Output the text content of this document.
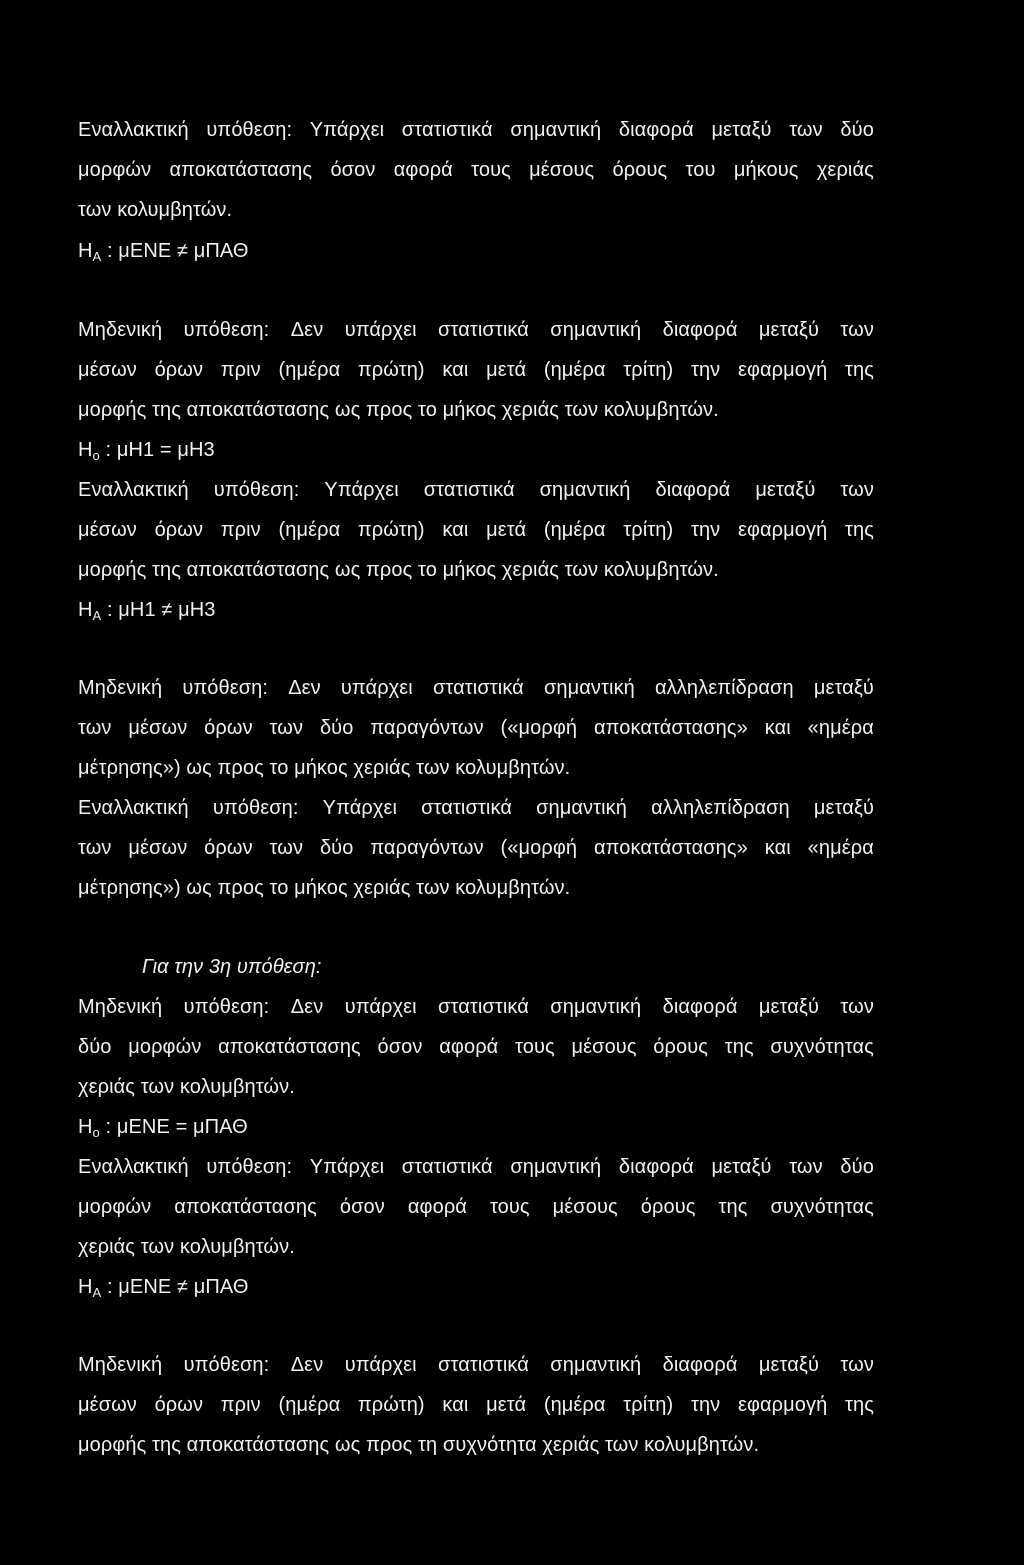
Εναλλακτική υπόθεση: Υπάρχει στατιστικά σημαντική διαφορά μεταξύ των δύο
μορφών αποκατάστασης όσον αφορά τους μέσους όρους του μήκους χεριάς
των κολυμβητών.
$H_A$ : μENE ≠ μΠΑΘ
Μηδενική υπόθεση: Δεν υπάρχει στατιστικά σημαντική διαφορά μεταξύ των
μέσων όρων πριν (ημέρα πρώτη) και μετά (ημέρα τρίτη) την εφαρμογή της
μορφής της αποκατάστασης ως προς το μήκος χεριάς των κολυμβητών.
$H_o$ : μH1 = μH3
Εναλλακτική υπόθεση: Υπάρχει στατιστικά σημαντική διαφορά μεταξύ των
μέσων όρων πριν (ημέρα πρώτη) και μετά (ημέρα τρίτη) την εφαρμογή της
μορφής της αποκατάστασης ως προς το μήκος χεριάς των κολυμβητών.
$H_A$ : μH1 ≠ μH3
Μηδενική υπόθεση: Δεν υπάρχει στατιστικά σημαντική αλληλεπίδραση μεταξύ
των μέσων όρων των δύο παραγόντων («μορφή αποκατάστασης» και «ημέρα
μέτρησης») ως προς το μήκος χεριάς των κολυμβητών.
Εναλλακτική υπόθεση: Υπάρχει στατιστικά σημαντική αλληλεπίδραση μεταξύ
των μέσων όρων των δύο παραγόντων («μορφή αποκατάστασης» και «ημέρα
μέτρησης») ως προς το μήκος χεριάς των κολυμβητών.
Για την 3η υπόθεση:
Μηδενική υπόθεση: Δεν υπάρχει στατιστικά σημαντική διαφορά μεταξύ των
δύο μορφών αποκατάστασης όσον αφορά τους μέσους όρους της συχνότητας
χεριάς των κολυμβητών.
$H_o$ : μENE = μΠΑΘ
Εναλλακτική υπόθεση: Υπάρχει στατιστικά σημαντική διαφορά μεταξύ των δύο
μορφών αποκατάστασης όσον αφορά τους μέσους όρους της συχνότητας
χεριάς των κολυμβητών.
$H_A$ : μENE ≠ μΠΑΘ
Μηδενική υπόθεση: Δεν υπάρχει στατιστικά σημαντική διαφορά μεταξύ των
μέσων όρων πριν (ημέρα πρώτη) και μετά (ημέρα τρίτη) την εφαρμογή της
μορφής της αποκατάστασης ως προς τη συχνότητα χεριάς των κολυμβητών.
